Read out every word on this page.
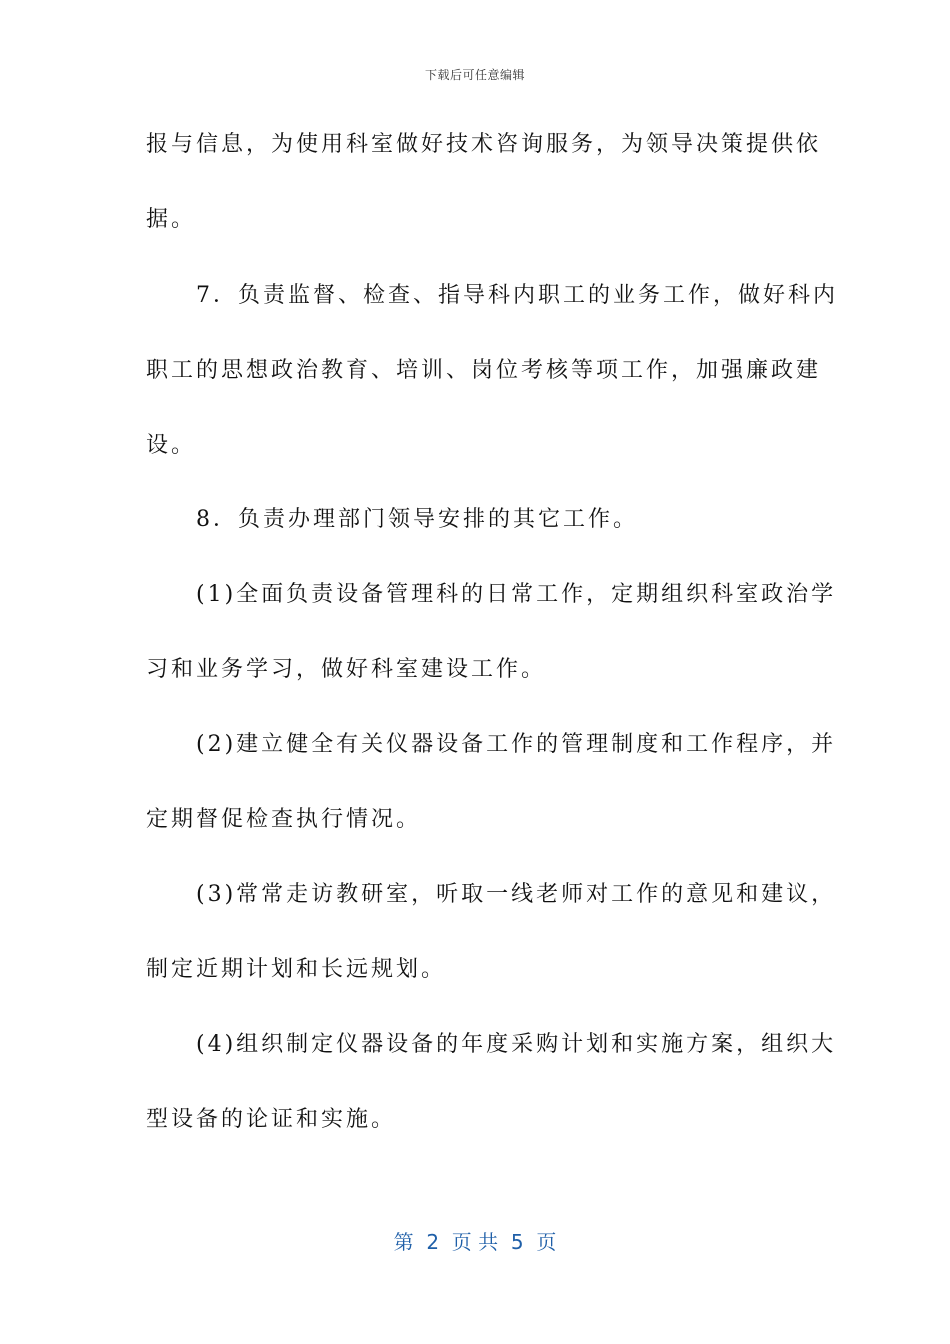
下载后可任意编辑
报与信息，为使用科室做好技术咨询服务，为领导决策提供依
据。
　　7．负责监督、检查、指导科内职工的业务工作，做好科内
职工的思想政治教育、培训、岗位考核等项工作，加强廉政建
设。
　　8．负责办理部门领导安排的其它工作。
　　(1)全面负责设备管理科的日常工作，定期组织科室政治学
习和业务学习，做好科室建设工作。
　　(2)建立健全有关仪器设备工作的管理制度和工作程序，并
定期督促检查执行情况。
　　(3)常常走访教研室，听取一线老师对工作的意见和建议，
制定近期计划和长远规划。
　　(4)组织制定仪器设备的年度采购计划和实施方案，组织大
型设备的论证和实施。
第  2  页 共  5  页
